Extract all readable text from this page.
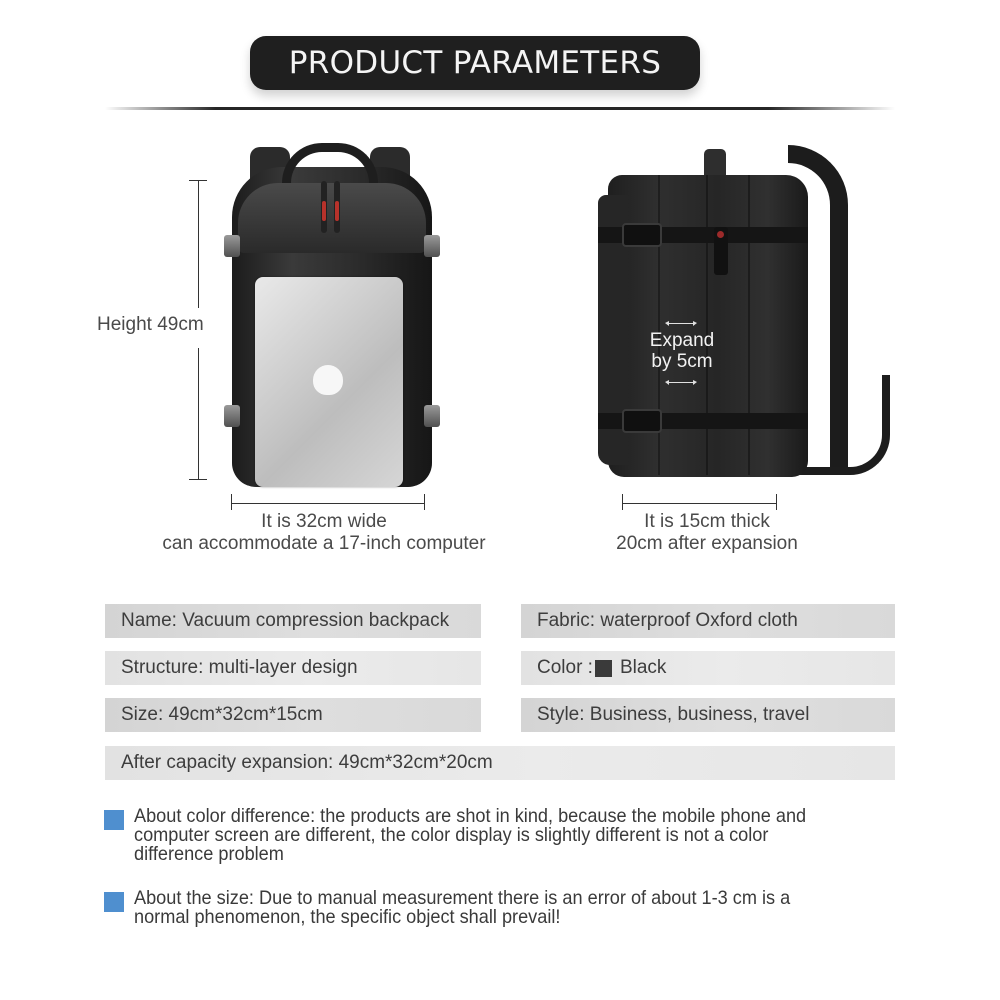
PRODUCT PARAMETERS
Height 49cm
It is 32cm wide
can accommodate a 17-inch computer
Expand
by 5cm
It is 15cm thick
20cm after expansion
Name: Vacuum compression backpack	Fabric: waterproof Oxford cloth
Structure: multi-layer design	Color : Black
Size: 49cm*32cm*15cm	Style: Business, business, travel
After capacity expansion: 49cm*32cm*20cm
About color difference: the products are shot in kind, because the mobile phone and computer screen are different, the color display is slightly different is not a color difference problem
About the size: Due to manual measurement there is an error of about 1-3 cm is a normal phenomenon, the specific object shall prevail!
